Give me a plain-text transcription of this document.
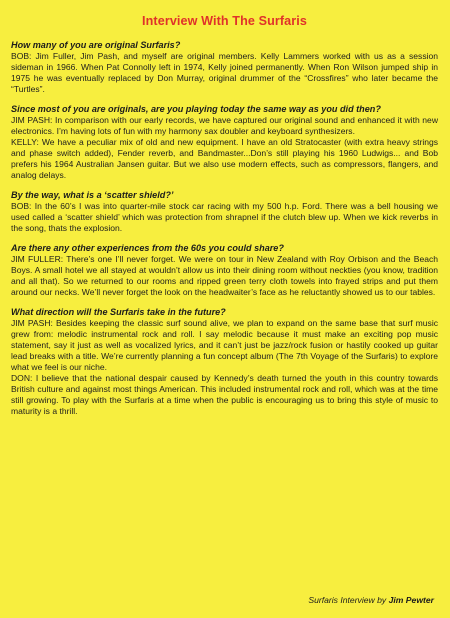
Interview With The Surfaris

How many of you are original Surfaris?

BOB: Jim Fuller, Jim Pash, and myself are original members. Kelly Lammers worked with us as a session sideman in 1966. When Pat Connolly left in 1974, Kelly joined permanently. When Ron Wilson jumped ship in 1975 he was eventually replaced by Don Murray, original drummer of the “Crossfires” who later became the “Turtles”.

Since most of you are originals, are you playing today the same way as you did then?

JIM PASH: In comparison with our early records, we have captured our original sound and enhanced it with new electronics. I’m having lots of fun with my harmony sax doubler and keyboard synthesizers.

KELLY: We have a peculiar mix of old and new equipment. I have an old Stratocaster (with extra heavy strings and phase switch added), Fender reverb, and Bandmaster...Don’s still playing his 1960 Ludwigs... and Bob prefers his 1964 Australian Jansen guitar. But we also use modern effects, such as compressors, flangers, and analog delays.

By the way, what is a ‘scatter shield?’

BOB: In the 60’s I was into quarter-mile stock car racing with my 500 h.p. Ford. There was a bell housing we used called a ‘scatter shield’ which was protection from shrapnel if the clutch blew up. When we kick reverbs in the song, thats the explosion.

Are there any other experiences from the 60s you could share?

JIM FULLER: There’s one I’ll never forget. We were on tour in New Zealand with Roy Orbison and the Beach Boys. A small hotel we all stayed at wouldn’t allow us into their dining room without neckties (you know, tradition and all that). So we returned to our rooms and ripped green terry cloth towels into frayed strips and put them around our necks. We’ll never forget the look on the headwaiter’s face as he reluctantly showed us to our tables.

What direction will the Surfaris take in the future?

JIM PASH: Besides keeping the classic surf sound alive, we plan to expand on the same base that surf music grew from: melodic instrumental rock and roll. I say melodic because it must make an exciting pop music statement, say it just as well as vocalized lyrics, and it can’t just be jazz/rock fusion or hastily cooked up guitar lead breaks with a title. We’re currently planning a fun concept album (The 7th Voyage of the Surfaris) to explore what we feel is our niche.

DON: I believe that the national despair caused by Kennedy’s death turned the youth in this country towards British culture and against most things American. This included instrumental rock and roll, which was at the time still growing. To play with the Surfaris at a time when the public is encouraging us to bring this style of music to maturity is a thrill.

Surfaris Interview by Jim Pewter
